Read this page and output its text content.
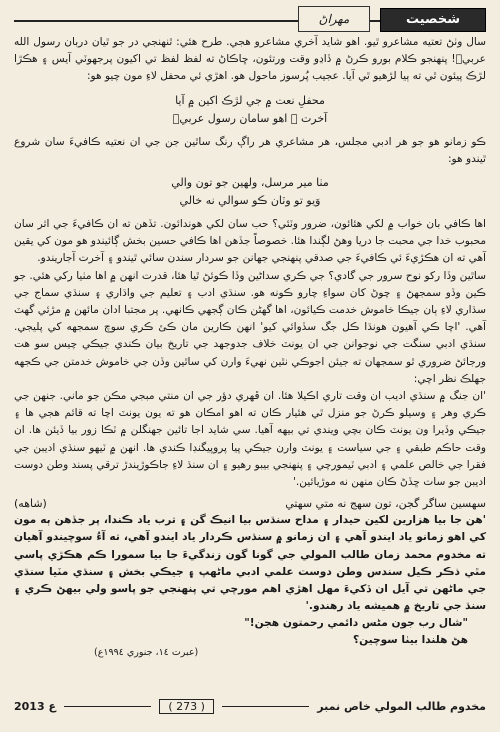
مهراڻ	شخصيت

سال وٺڻ تعتيه مشاعرو ٿيو. اهو شايد آخري مشاعرو هجي. طرح هئي: ٿنهنجي در جو ٿيان دربان رسول الله عربيؐ! پنهنجو ڪلام بورو ڪرڻ ۾ ڏاڍو وقت ورتئون، ڇاڪاڻ ته لفظ لفظ تي اکيون پرجهوٽي آيس ۽ هڪڙا لڙڪ پيئون ٿي ته ٻيا لڙهيو ٿي آيا. عجيب پُرسوز ماحول هو. اهڙي ئي محفل لاءِ مون چيو هو:

محفلِ نعت ۾ جي لڙڪ اکين ۾ آيا
آخرت ۾ اهو سامان رسول عربيؐ

ڪو زمانو هو جو هر ادبي مجلس، هر مشاعري هر راڳ رنگ ساٿين جن جي ان نعتيه ڪافيءَ سان شروع ٿيندو هو:

مٺا مير مرسل، ولهين جو تون والي
وَيو تو وٽان ڪو سوالي نه خالي

اها ڪافي بان خواب ۾ لکي هئائون، ضرور وٽئي؟ حب سان لکي هوندائون. تڏهن ته ان ڪافيءَ جي اثر سان محبوب خدا جي محبت جا دريا وهڻ لڳندا هئا. خصوصاً جڏهن اها ڪافي حسين بخش ڳائيندو هو مون کي يقين آهي ته ان هڪڙيءَ ئي ڪافيءَ جي صدقي پنهنجي جهانن جو سردار سندن سائي ٿيندو ۽ آخرت آجاريندو.

ساٿين وڏا رکو نوح سرور جي گادي؟ جي ڪري سداڻين وڏا ڪوئڻ ٿيا هئا، قدرت انهن ۾ اها مٺيا رکي هئي. جو ڪين وڏو سمجهڻ ۽ چوڻ کان سواءِ چارو ڪونه هو. سنڌي ادب ۽ تعليم جي واڌاري ۽ سنڌي سماج جي سڌاري لاءِ ٻان جيڪا خاموش خدمت ڪيائون، اها گهڻن ڪان ڳجهي ڪانهي. پر مجتبا ادان مائهن ۾ مڙئي گهٽ آهي. 'اچا ڪي آهيون هونڌا ڪل جگ سڏوائي کيو' انهن ڪارين مان ڪئ ڪري سوچ سمجهه کي پليجي. سنڌي ادبي سنگت جي نوجوانن جي ان يونٽ خلاف جدوجهد جي تاريخ بيان ڪندي جيڪي چيس سو هت ورجائڻ ضروري ٿو سمجهان ته جيئن اجوڪي نٿين نهيءَ وارن کي ساٿين وڏن جي خاموش خدمتن جي ڪجهه جهلڪ نظر اچي:

'ان جنگ ۾ سنڌي اديب ان وقت تاري اڪيلا هئا. ان ڦهري دؤر جي ان منتي مبجي مڪن جو ماني. جنهن جي ڪري وهر ۽ وسيلو ڪرڻ جو منزل ٿي هئيار ڪان ته اهو امڪان هو ته يون يونٽ اچا ته قائم هجي ها ۽ جيڪي وڏيرا ون يونٽ ڪان بچي ويندي تي بيهه آهيا. سي شايد اجا تائين جهنگلن ۾ ٽڪا زور بيا ڏيئن ها. ان وقت حاڪم طبقي ۽ جي سياست ۽ يونٽ وارن جيڪي پيا پروپيگنڊا ڪندي ها. انهن ۾ ٽيهو سنڌي اديبن جي فقرا جي خالص علمي ۽ ادبي ٽيمورچي ۽ پنهنجي بيبو رهيو ۽ ان سنڌ لاءِ جاڪوڙيندڙ ترقي پسند وطن دوست اديبن جو سات ڇڏڻ ڪان منهن نه موڙيائين.'

سهسين ساگر گجن، تون سهج نه متي سهتي
(شاهه)

'هن جا بيا هزارين لکين حيدار ۽ مداح سنڌس بيا انيڪ گن ۽ ترب ياد ڪندا، پر جڏهن ٻه مون کي اهو زمانو ياد ايندو آهي ۽ ان زمانو ۾ سنڌس ڪردار ياد ايندو آهي، ته آءُ سوچيندو آهيان ته مخدوم محمد زمان طالب المولي جي گونا گون زندگيءَ جا بيا سمورا ڪم هڪڙي پاسي مٿي ذڪر ڪيل سندس وطن دوست علمي ادبي ماڻهپ ۽ جيڪي بخش ۽ سنڌي مٽيا سنڌي جي ماڻهن تي آيل ان ڏکيءَ مهل اهڙي اهم مورچي تي پنهنجي جو پاسو ولي بيهڻ ڪري ۽ سنڌ جي تاريخ ۾ هميشه ياد رهندو.'

"شال رب جون مڻس دائمي رحمتون هجن!"
هڻ هلندا بيٺا سوچين؟
(عبرت ١٤، جنوري ١٩٩٤ع)
2013 ع	( 273 )	مخدوم طالب المولي خاص نمبر
